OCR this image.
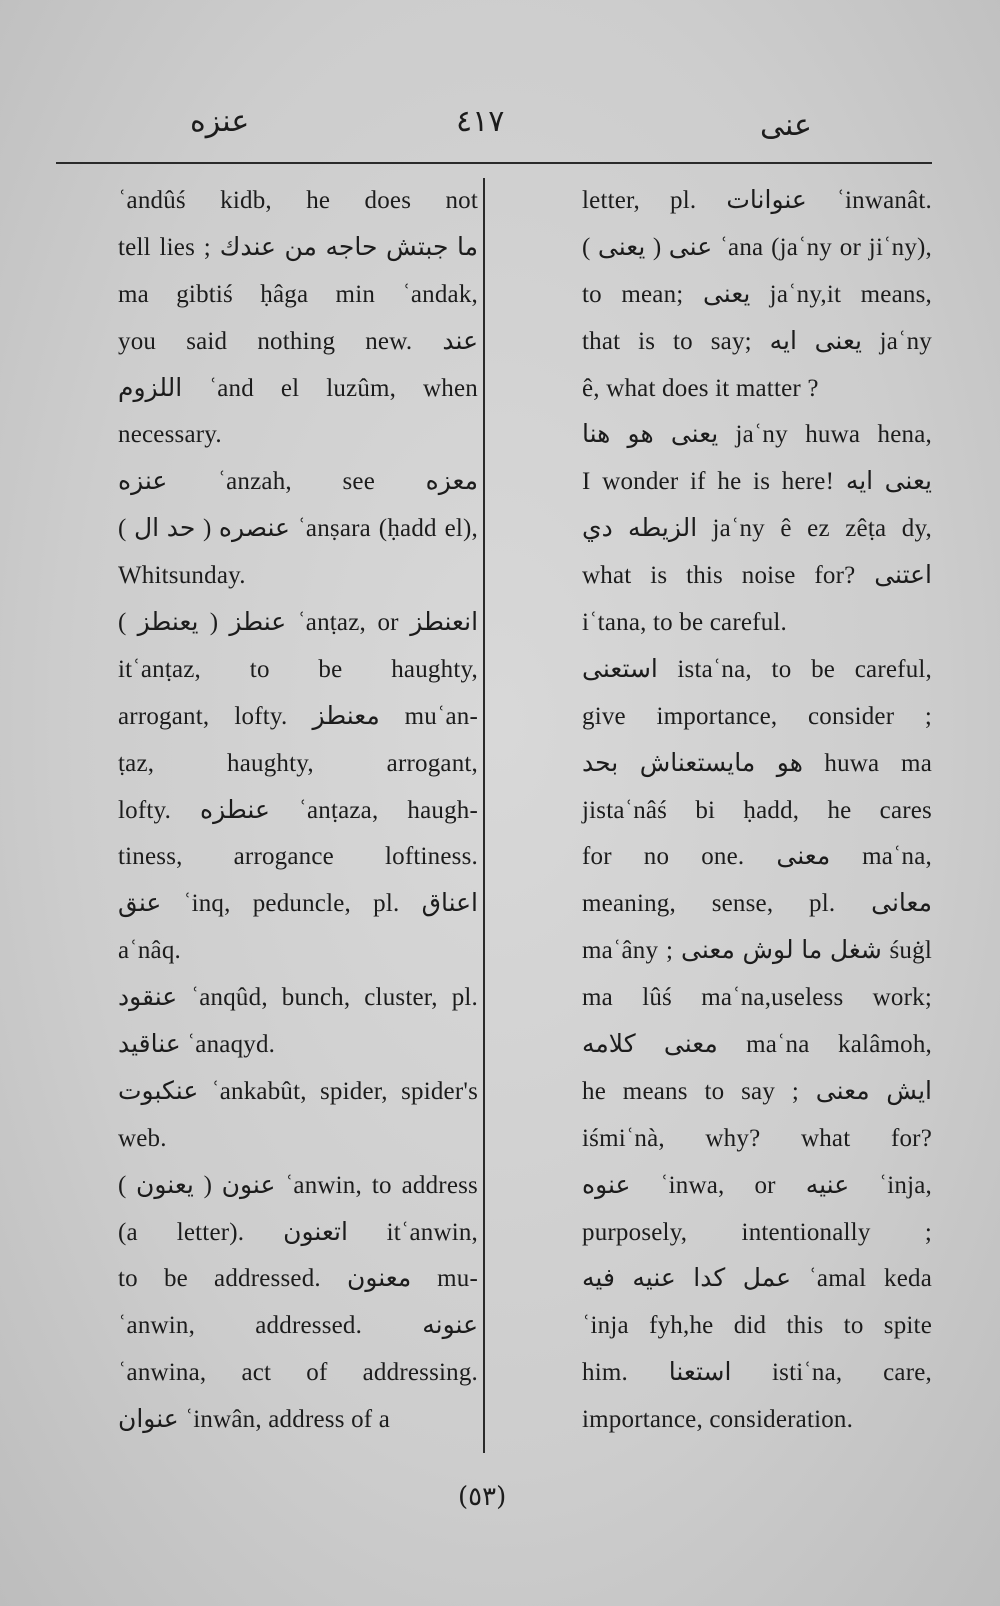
عنزه	٤١٧	عنى
ʿandûś kidb, he does not
tell lies ; ما جبتش حاجه من عندك
ma gibtiś ḥâga min ʿandak,
you said nothing new. عند
اللزوم ʿand el luzûm, when
necessary.
عنزه ʿanzah, see معزه
عنصره ( حد ال ) ʿanṣara (ḥadd el),
Whitsunday.
عنطز ( يعنطز ) ʿanṭaz, or انعنطز
itʿanṭaz, to be haughty,
arrogant, lofty. معنطز muʿan-
ṭaz, haughty, arrogant,
lofty. عنطزه ʿanṭaza, haugh-
tiness, arrogance loftiness.
عنق ʿinq, peduncle, pl. اعناق
aʿnâq.
عنقود ʿanqûd, bunch, cluster, pl.
عناقيد ʿanaqyd.
عنكبوت ʿankabût, spider, spider's
web.
عنون ( يعنون ) ʿanwin, to address
(a letter). اتعنون itʿanwin,
to be addressed. معنون mu-
ʿanwin, addressed. عنونه
ʿanwina, act of addressing.
عنوان ʿinwân, address of a
letter, pl. عنوانات ʿinwanât.
عنى ( يعنى ) ʿana (jaʿny or jiʿny),
to mean; يعنى jaʿny,it means,
that is to say; يعنى ايه jaʿny
ê, what does it matter ?
يعنى هو هنا jaʿny huwa hena,
I wonder if he is here! يعنى ايه
الزيطه دي jaʿny ê ez zêṭa dy,
what is this noise for? اعتنى
iʿtana, to be careful.
استعنى istaʿna, to be careful,
give importance, consider ;
هو مايستعناش بحد huwa ma
jistaʿnâś bi ḥadd, he cares
for no one. معنى maʿna,
meaning, sense, pl. معانى
maʿâny ; شغل ما لوش معنى śuġl
ma lûś maʿna,useless work;
معنى كلامه maʿna kalâmoh,
he means to say ; ايش معنى
iśmiʿnà, why? what for?
عنوه ʿinwa, or عنيه ʿinja,
purposely, intentionally ;
عمل كدا عنيه فيه ʿamal keda
ʿinja fyh,he did this to spite
him. استعنا istiʿna, care,
importance, consideration.
(٥٣)
